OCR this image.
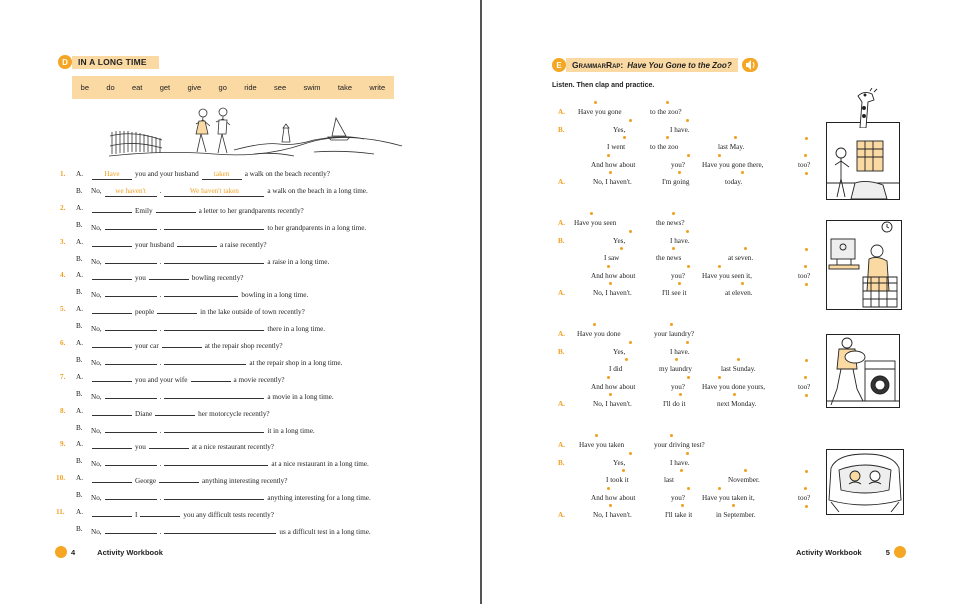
D	IN A LONG TIME
be do eat get give go ride see swim take write
1. A.
B.
Have	you and your husband	taken	a walk on the beach recently?
No,	we haven't	.	We haven't taken	a walk on the beach in a long time.
2. A.
B.
Emily	a letter to her grandparents recently?
No,	.	to her grandparents in a long time.
3. A.
B.
your husband	a raise recently?
No,	.	a raise in a long time.
4. A.
B.
you	bowling recently?
No,	.	bowling in a long time.
5. A.
B.
people	in the lake outside of town recently?
No,	.	there in a long time.
6. A.
B.
your car	at the repair shop recently?
No,	.	at the repair shop in a long time.
7. A.
B.
you and your wife	a movie recently?
No,	.	a movie in a long time.
8. A.
B.
Diane	her motorcycle recently?
No,	.	it in a long time.
9. A.
B.
you	at a nice restaurant recently?
No,	.	at a nice restaurant in a long time.
10. A.
B.
George	anything interesting recently?
No,	.	anything interesting for a long time.
11. A.
B.
I	you any difficult tests recently?
No,	.	us a difficult test in a long time.
4	Activity Workbook
E	GrammarRap: Have You Gone to the Zoo?
Listen. Then clap and practice.
A. Have you gone	to the zoo?
B.	Yes,	I have.
I went	to the zoo	last May.
And how about	you? Have you gone there,	too?
A.	No, I haven't.	I'm going	today.
A. Have you seen	the news?
B.	Yes,	I have.
I saw	the news	at seven.
And how about	you? Have you seen it,	too?
A.	No, I haven't.	I'll see it	at eleven.
A. Have you done	your laundry?
B.	Yes,	I have.
I did	my laundry	last Sunday.
And how about	you? Have you done yours,	too?
A.	No, I haven't.	I'll do it	next Monday.
A. Have you taken	your driving test?
B.	Yes,	I have.
I took it	last	November.
And how about	you? Have you taken it,	too?
A.	No, I haven't.	I'll take it	in September.
Activity Workbook	5
